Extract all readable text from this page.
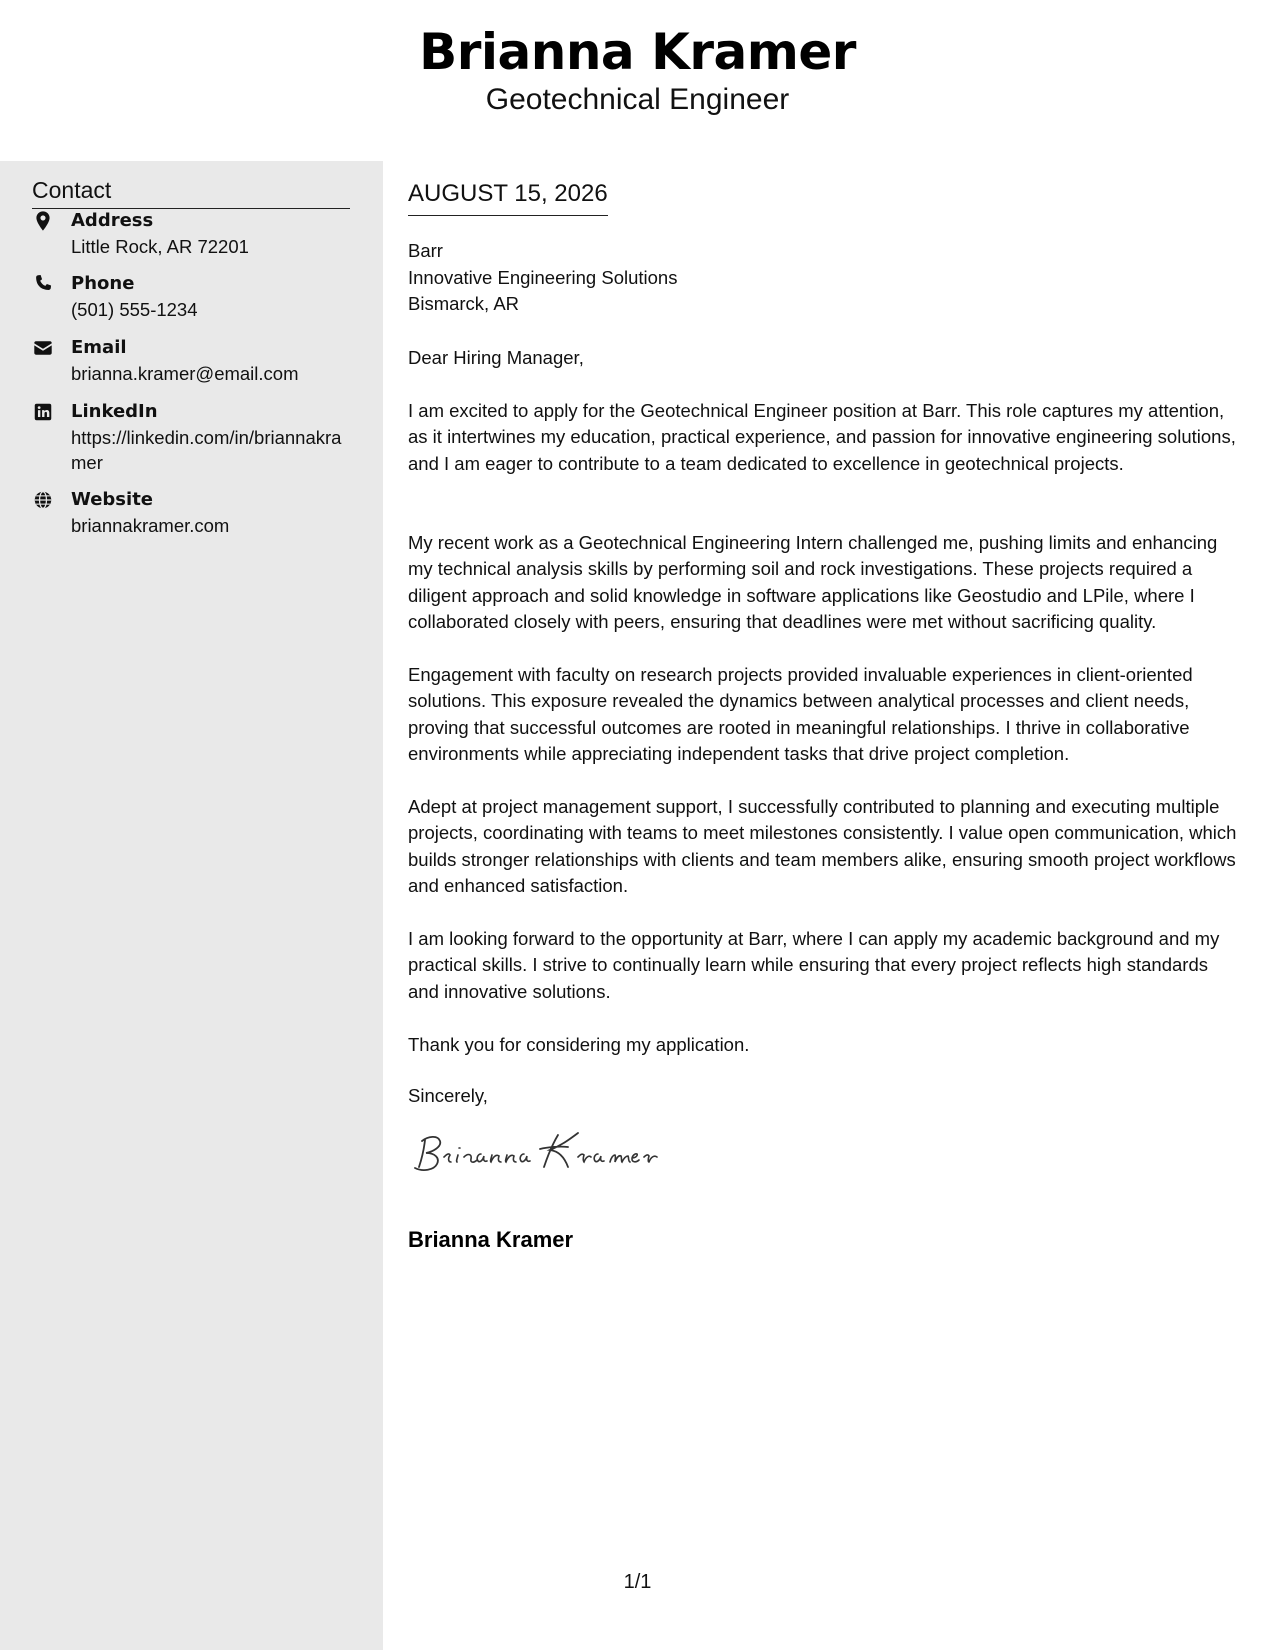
Brianna Kramer
Geotechnical Engineer
Contact
Address
Little Rock, AR 72201
Phone
(501) 555-1234
Email
brianna.kramer@email.com
LinkedIn
https://linkedin.com/in/briannakramer
Website
briannakramer.com
AUGUST 15, 2026
Barr
Innovative Engineering Solutions
Bismarck, AR
Dear Hiring Manager,
I am excited to apply for the Geotechnical Engineer position at Barr. This role captures my attention, as it intertwines my education, practical experience, and passion for innovative engineering solutions, and I am eager to contribute to a team dedicated to excellence in geotechnical projects.
My recent work as a Geotechnical Engineering Intern challenged me, pushing limits and enhancing my technical analysis skills by performing soil and rock investigations. These projects required a diligent approach and solid knowledge in software applications like Geostudio and LPile, where I collaborated closely with peers, ensuring that deadlines were met without sacrificing quality.
Engagement with faculty on research projects provided invaluable experiences in client-oriented solutions. This exposure revealed the dynamics between analytical processes and client needs, proving that successful outcomes are rooted in meaningful relationships. I thrive in collaborative environments while appreciating independent tasks that drive project completion.
Adept at project management support, I successfully contributed to planning and executing multiple projects, coordinating with teams to meet milestones consistently. I value open communication, which builds stronger relationships with clients and team members alike, ensuring smooth project workflows and enhanced satisfaction.
I am looking forward to the opportunity at Barr, where I can apply my academic background and my practical skills. I strive to continually learn while ensuring that every project reflects high standards and innovative solutions.
Thank you for considering my application.
Sincerely,
Brianna Kramer
1/1
